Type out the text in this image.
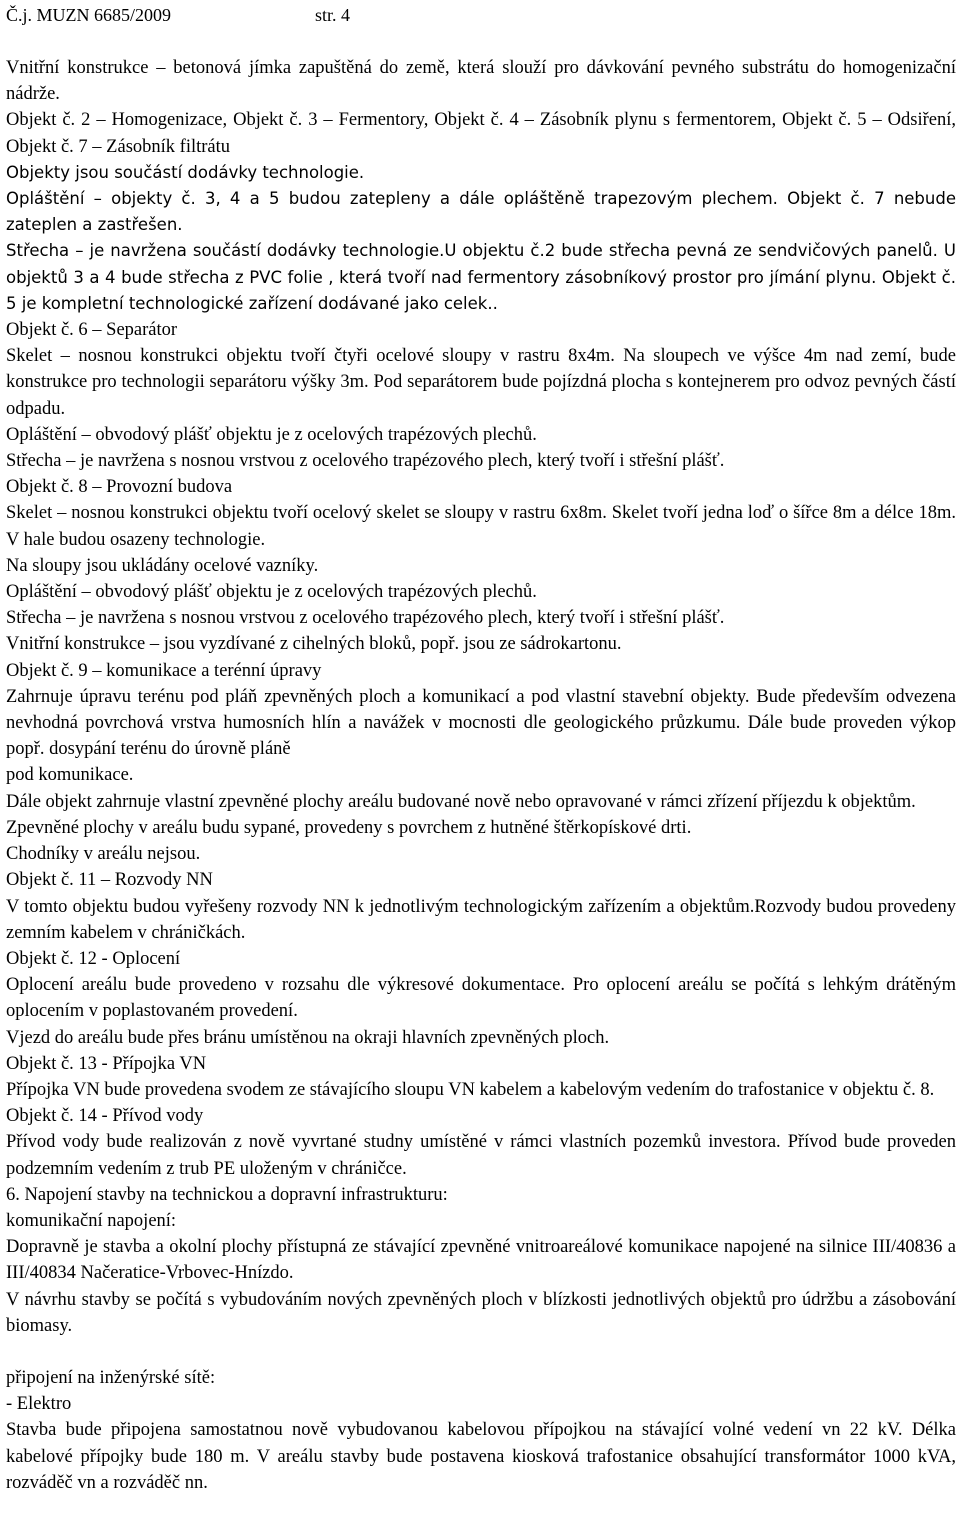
Č.j. MUZN 6685/2009	str. 4

Vnitřní konstrukce – betonová jímka zapuštěná do země, která slouží pro dávkování pevného substrátu do homogenizační nádrže.

Objekt č. 2 – Homogenizace, Objekt č. 3 – Fermentory, Objekt č. 4 – Zásobník plynu s fermentorem, Objekt č. 5 – Odsiření, Objekt č. 7 – Zásobník filtrátu

Objekty jsou součástí dodávky technologie.

Opláštění – objekty č. 3, 4 a 5 budou zatepleny a dále opláštěně trapezovým plechem. Objekt č. 7 nebude zateplen a zastřešen.

Střecha – je navržena součástí dodávky technologie.U objektu č.2 bude střecha pevná ze sendvičových panelů. U objektů 3 a 4 bude střecha z PVC folie , která tvoří nad fermentory zásobníkový prostor pro jímání plynu. Objekt č. 5 je kompletní technologické zařízení dodávané jako celek..

Objekt č. 6 – Separátor

Skelet – nosnou konstrukci objektu tvoří čtyři ocelové sloupy v rastru 8x4m. Na sloupech ve výšce 4m nad zemí, bude konstrukce pro technologii separátoru výšky 3m. Pod separátorem bude pojízdná plocha s kontejnerem pro odvoz pevných částí odpadu.

Opláštění – obvodový plášť objektu je z ocelových trapézových plechů.

Střecha – je navržena s nosnou vrstvou z ocelového trapézového plech, který tvoří i střešní plášť.

Objekt č. 8 – Provozní budova

Skelet – nosnou konstrukci objektu tvoří ocelový skelet se sloupy v rastru 6x8m. Skelet tvoří jedna loď o šířce 8m a délce 18m. V hale budou osazeny technologie.

Na sloupy jsou ukládány ocelové vazníky.

Opláštění – obvodový plášť objektu je z ocelových trapézových plechů.

Střecha – je navržena s nosnou vrstvou z ocelového trapézového plech, který tvoří i střešní plášť.

Vnitřní konstrukce – jsou vyzdívané z cihelných bloků, popř. jsou ze sádrokartonu.

Objekt č. 9 – komunikace a terénní úpravy

Zahrnuje úpravu terénu pod pláň zpevněných ploch a komunikací a pod vlastní stavební objekty. Bude především odvezena nevhodná povrchová vrstva humosních hlín a navážek v mocnosti dle geologického průzkumu. Dále bude proveden výkop popř. dosypání terénu do úrovně pláně

pod komunikace.

Dále objekt zahrnuje vlastní zpevněné plochy areálu budované nově nebo opravované v rámci zřízení příjezdu k objektům.

Zpevněné plochy v areálu budu sypané, provedeny s povrchem z hutněné štěrkopískové drti.

Chodníky v areálu nejsou.

Objekt č. 11 – Rozvody NN

V tomto objektu budou vyřešeny rozvody NN k jednotlivým technologickým zařízením a objektům.Rozvody budou provedeny zemním kabelem v chráničkách.

Objekt č. 12 - Oplocení

Oplocení areálu bude provedeno v rozsahu dle výkresové dokumentace. Pro oplocení areálu se počítá s lehkým drátěným oplocením v poplastovaném provedení.

Vjezd do areálu bude přes bránu umístěnou na okraji hlavních zpevněných ploch.

Objekt č. 13 - Přípojka VN

Přípojka VN bude provedena svodem ze stávajícího sloupu VN kabelem a kabelovým vedením do trafostanice v objektu č. 8.

Objekt č. 14 - Přívod vody

Přívod vody bude realizován z nově vyvrtané studny umístěné v rámci vlastních pozemků investora. Přívod bude proveden podzemním vedením z trub PE uloženým v chráničce.

6. Napojení stavby na technickou a dopravní infrastrukturu:

komunikační napojení:

Dopravně je stavba a okolní plochy přístupná ze stávající zpevněné vnitroareálové komunikace napojené na silnice III/40836 a III/40834 Načeratice-Vrbovec-Hnízdo.

V návrhu stavby se počítá s vybudováním nových zpevněných ploch v blízkosti jednotlivých objektů pro údržbu a zásobování biomasy.

připojení na inženýrské sítě:

- Elektro

Stavba bude připojena samostatnou nově vybudovanou kabelovou přípojkou na stávající volné vedení vn 22 kV. Délka kabelové přípojky bude 180 m. V areálu stavby bude postavena kiosková trafostanice obsahující transformátor 1000 kVA, rozváděč vn a rozváděč nn.
